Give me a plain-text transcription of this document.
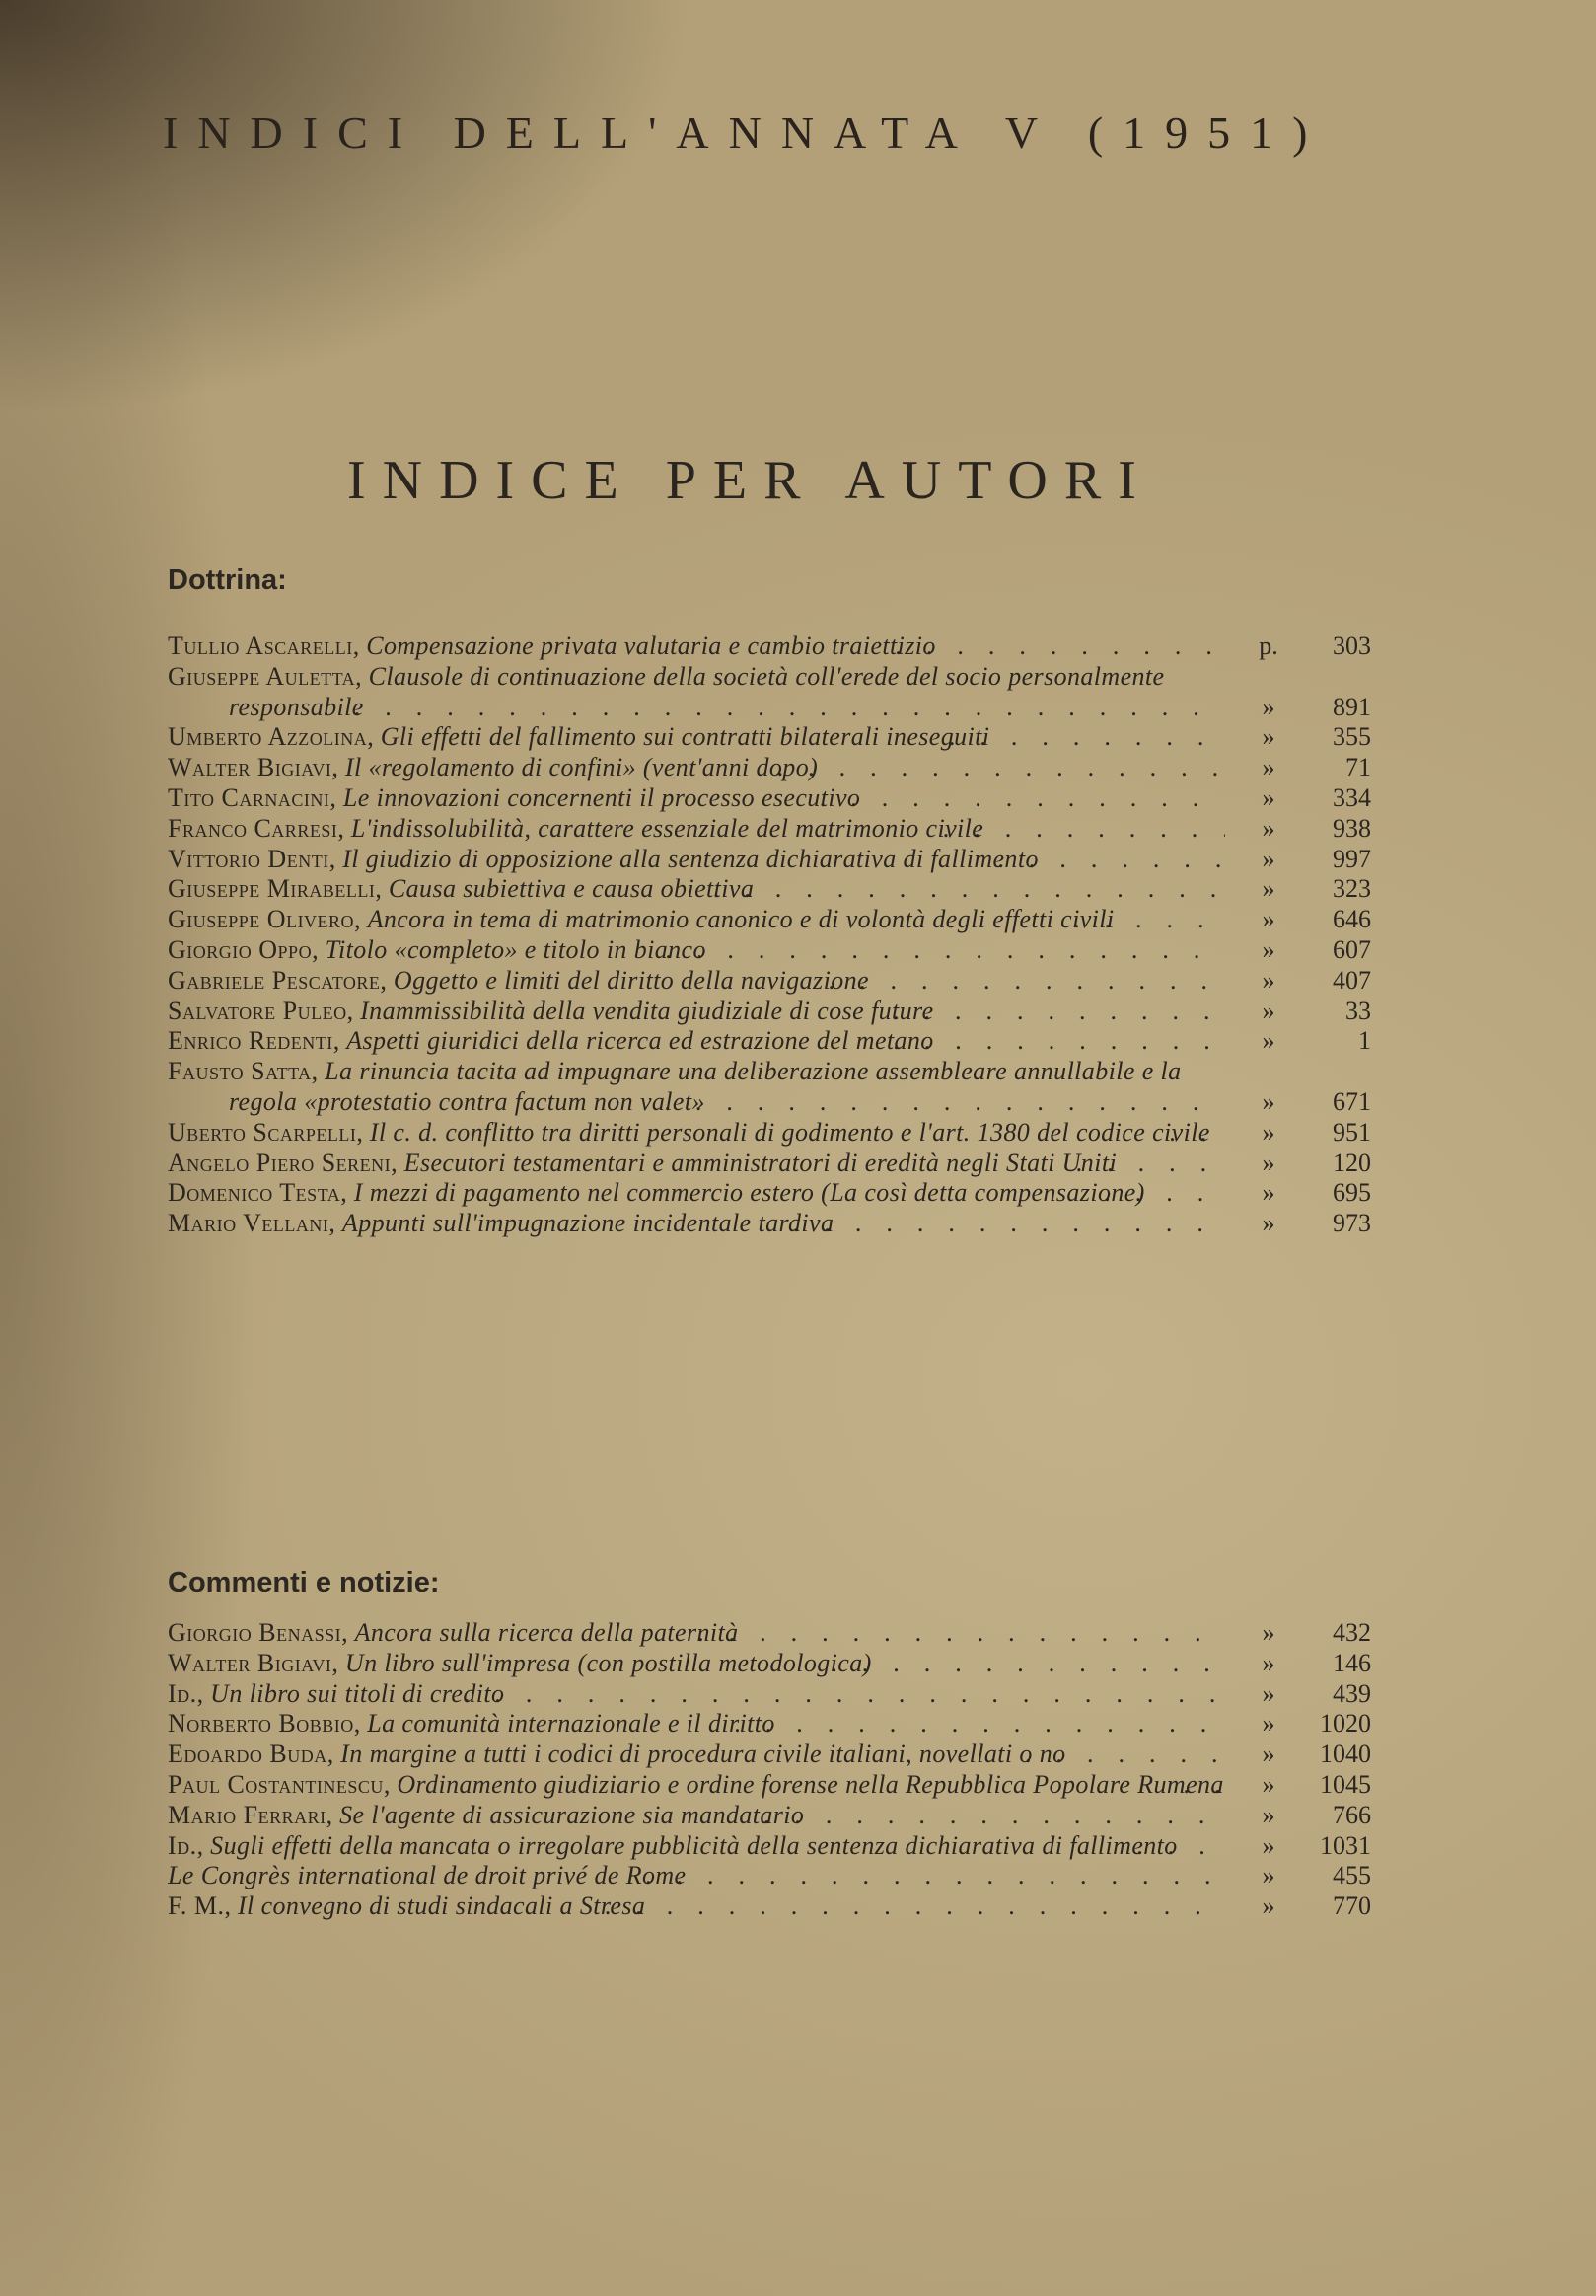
INDICI DELL'ANNATA V (1951)
INDICE PER AUTORI
Dottrina:
Tullio Ascarelli, Compensazione privata valutaria e cambio traiettizio . .	p.	303
Giuseppe Auletta, Clausole di continuazione della società coll'erede del socio personalmente responsabile . .	»	891
Umberto Azzolina, Gli effetti del fallimento sui contratti bilaterali ineseguiti . .	»	355
Walter Bigiavi, Il «regolamento di confini» (vent'anni dopo) . .	»	71
Tito Carnacini, Le innovazioni concernenti il processo esecutivo . .	»	334
Franco Carresi, L'indissolubilità, carattere essenziale del matrimonio civile . .	»	938
Vittorio Denti, Il giudizio di opposizione alla sentenza dichiarativa di fallimento . .	»	997
Giuseppe Mirabelli, Causa subiettiva e causa obiettiva . .	»	323
Giuseppe Olivero, Ancora in tema di matrimonio canonico e di volontà degli effetti civili . .	»	646
Giorgio Oppo, Titolo «completo» e titolo in bianco . .	»	607
Gabriele Pescatore, Oggetto e limiti del diritto della navigazione . .	»	407
Salvatore Puleo, Inammissibilità della vendita giudiziale di cose future . .	»	33
Enrico Redenti, Aspetti giuridici della ricerca ed estrazione del metano . .	»	1
Fausto Satta, La rinuncia tacita ad impugnare una deliberazione assembleare annullabile e la regola «protestatio contra factum non valet» . .	»	671
Uberto Scarpelli, Il c. d. conflitto tra diritti personali di godimento e l'art. 1380 del codice civile . .	»	951
Angelo Piero Sereni, Esecutori testamentari e amministratori di eredità negli Stati Uniti . .	»	120
Domenico Testa, I mezzi di pagamento nel commercio estero (La così detta compensazione) . .	»	695
Mario Vellani, Appunti sull'impugnazione incidentale tardiva . .	»	973
Commenti e notizie:
Giorgio Benassi, Ancora sulla ricerca della paternità . .	»	432
Walter Bigiavi, Un libro sull'impresa (con postilla metodologica) . .	»	146
Id., Un libro sui titoli di credito . .	»	439
Norberto Bobbio, La comunità internazionale e il diritto . .	»	1020
Edoardo Buda, In margine a tutti i codici di procedura civile italiani, novellati o no . .	»	1040
Paul Costantinescu, Ordinamento giudiziario e ordine forense nella Repubblica Popolare Rumena . .	»	1045
Mario Ferrari, Se l'agente di assicurazione sia mandatario . .	»	766
Id., Sugli effetti della mancata o irregolare pubblicità della sentenza dichiarativa di fallimento . .	»	1031
Le Congrès international de droit privé de Rome . .	»	455
F. M., Il convegno di studi sindacali a Stresa . .	»	770
